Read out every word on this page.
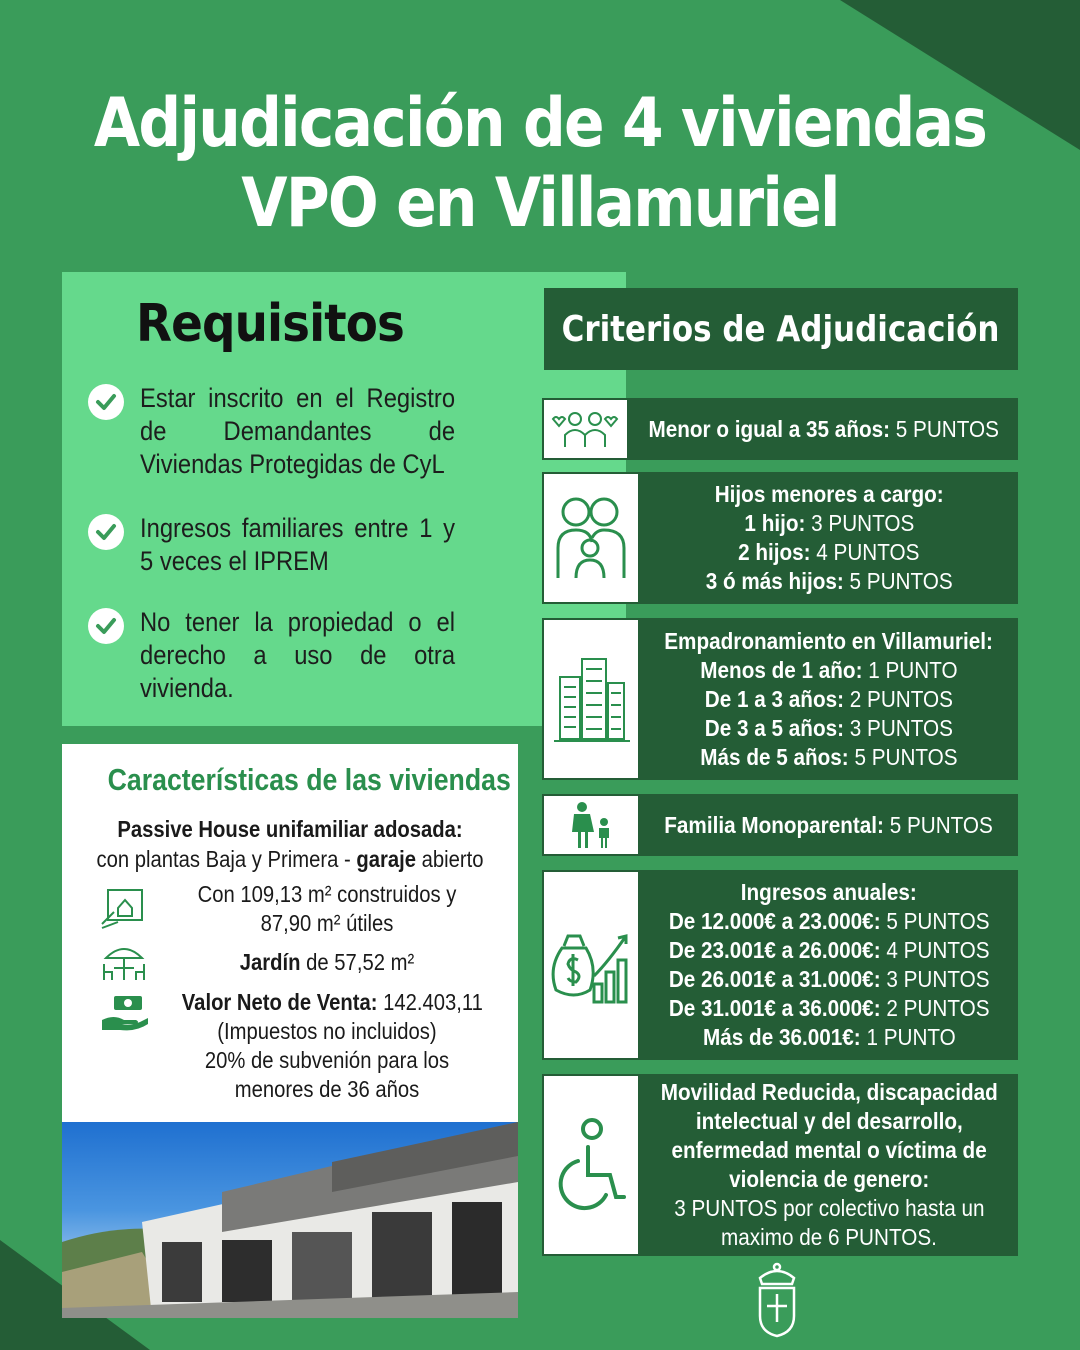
Adjudicación de 4 viviendas
VPO en Villamuriel
Requisitos
Estar inscrito en el Registro de Demandantes de Viviendas Protegidas de CyL
Ingresos familiares entre 1 y 5 veces el IPREM
No tener la propiedad o el derecho a uso de otra vivienda.
Criterios de Adjudicación
Menor o igual a 35 años: 5 PUNTOS
Hijos menores a cargo:
1 hijo: 3 PUNTOS
2 hijos: 4 PUNTOS
3 ó más hijos: 5 PUNTOS
Empadronamiento en Villamuriel:
Menos de 1 año: 1 PUNTO
De 1 a 3 años: 2 PUNTOS
De 3 a 5 años: 3 PUNTOS
Más de 5 años: 5 PUNTOS
Familia Monoparental: 5 PUNTOS
Ingresos anuales:
De 12.000€ a 23.000€: 5 PUNTOS
De 23.001€ a 26.000€: 4 PUNTOS
De 26.001€ a 31.000€: 3 PUNTOS
De 31.001€ a 36.000€: 2 PUNTOS
Más de 36.001€: 1 PUNTO
Movilidad Reducida, discapacidad
intelectual y del desarrollo,
enfermedad mental o víctima de
violencia de genero:
3 PUNTOS por colectivo hasta un
maximo de 6 PUNTOS.
Características de las viviendas
Passive House unifamiliar adosada:
con plantas Baja y Primera - garaje abierto
Con 109,13 m² construidos y
87,90 m² útiles
Jardín de 57,52 m²
Valor Neto de Venta: 142.403,11
(Impuestos no incluidos)
20% de subvenión para los
menores de 36 años
